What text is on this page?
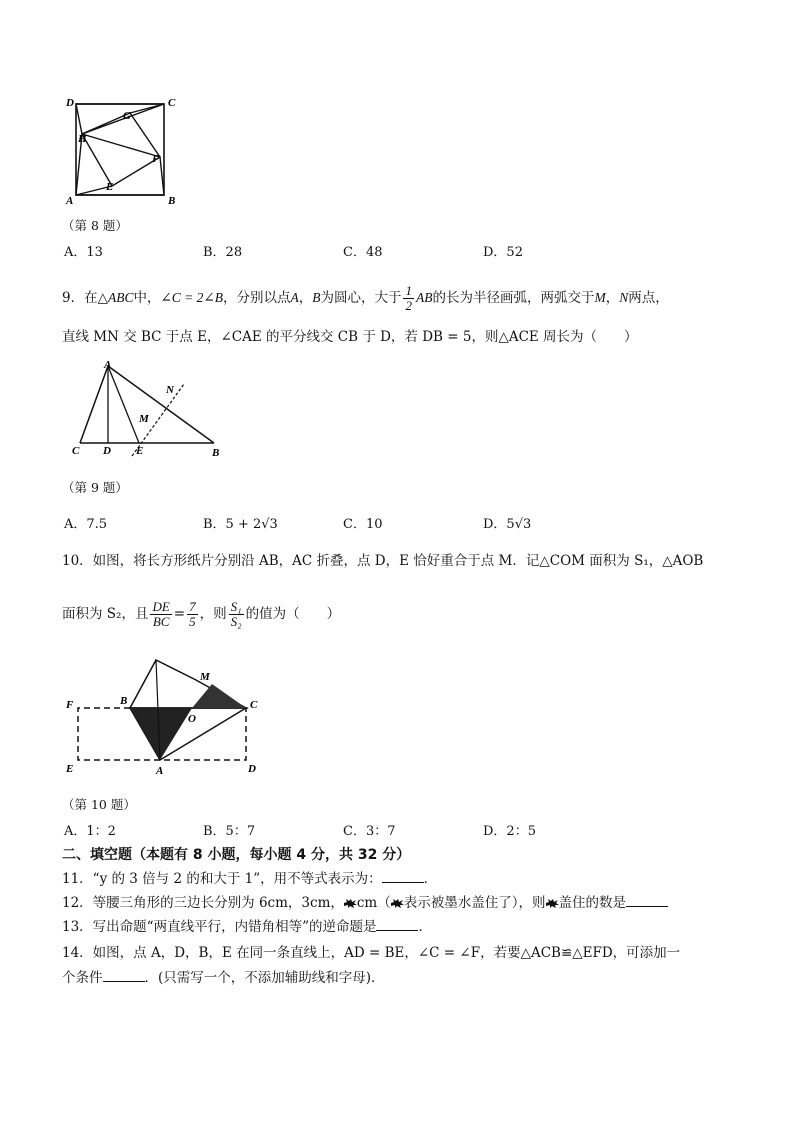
D	C
A	B
G
H
E
F
（第 8 题）
A．13	B．28	C．48	D．52
9．在△ABC中，∠C = 2∠B，分别以点A，B为圆心，大于 $\frac{1}{2}$ AB的长为半径画弧，两弧交于M，N两点，
直线 MN 交 BC 于点 E，∠CAE 的平分线交 CB 于 D，若 DB = 5，则△ACE 周长为（　　）
A
C D E	B
M
N
（第 9 题）
A．7.5	B．5 + 2√3	C．10	D．5√3
10．如图，将长方形纸片分别沿 AB，AC 折叠，点 D，E 恰好重合于点 M．记△COM 面积为 S₁，△AOB
面积为 S₂，且 $\frac{DE}{BC} = \frac{7}{5}$ ，则 $\frac{\text{S₁}}{\text{S₂}}$ 的值为（　　）
F	B
M
C
O
E	A	D
（第 10 题）
A．1：2	B．5：7	C．3：7	D．2：5
二、填空题（本题有 8 小题，每小题 4 分，共 32 分）
11．“y 的 3 倍与 2 的和大于 1”，用不等式表示为：	．
12．等腰三角形的三边长分别为 6cm，3cm， cm（ 表示被墨水盖住了），则 盖住的数是
13．写出命题“两直线平行，内错角相等”的逆命题是	．
14．如图，点 A，D，B，E 在同一条直线上，AD = BE，∠C = ∠F，若要△ACB≌△EFD，可添加一
个条件	．(只需写一个，不添加辅助线和字母)．
